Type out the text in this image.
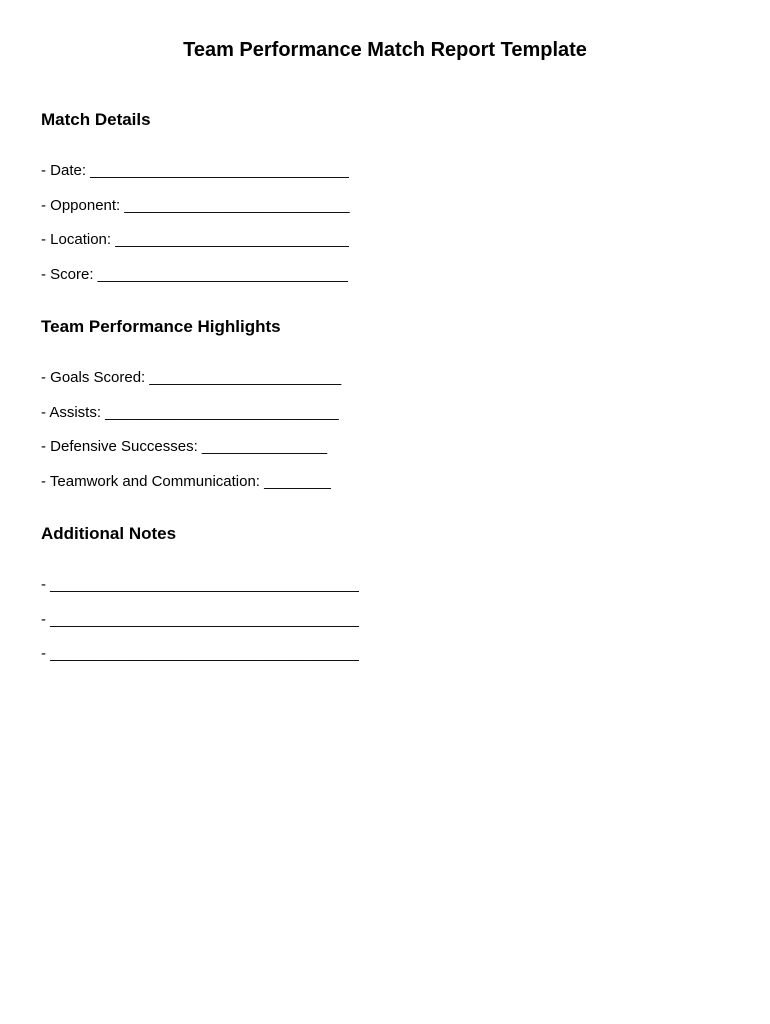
Team Performance Match Report Template
Match Details

- Date: _______________________________

- Opponent: ___________________________

- Location: ____________________________

- Score: ______________________________

Team Performance Highlights

- Goals Scored: _______________________

- Assists: ____________________________

- Defensive Successes: _______________

- Teamwork and Communication: ________

Additional Notes

- _____________________________________

- _____________________________________

- _____________________________________
